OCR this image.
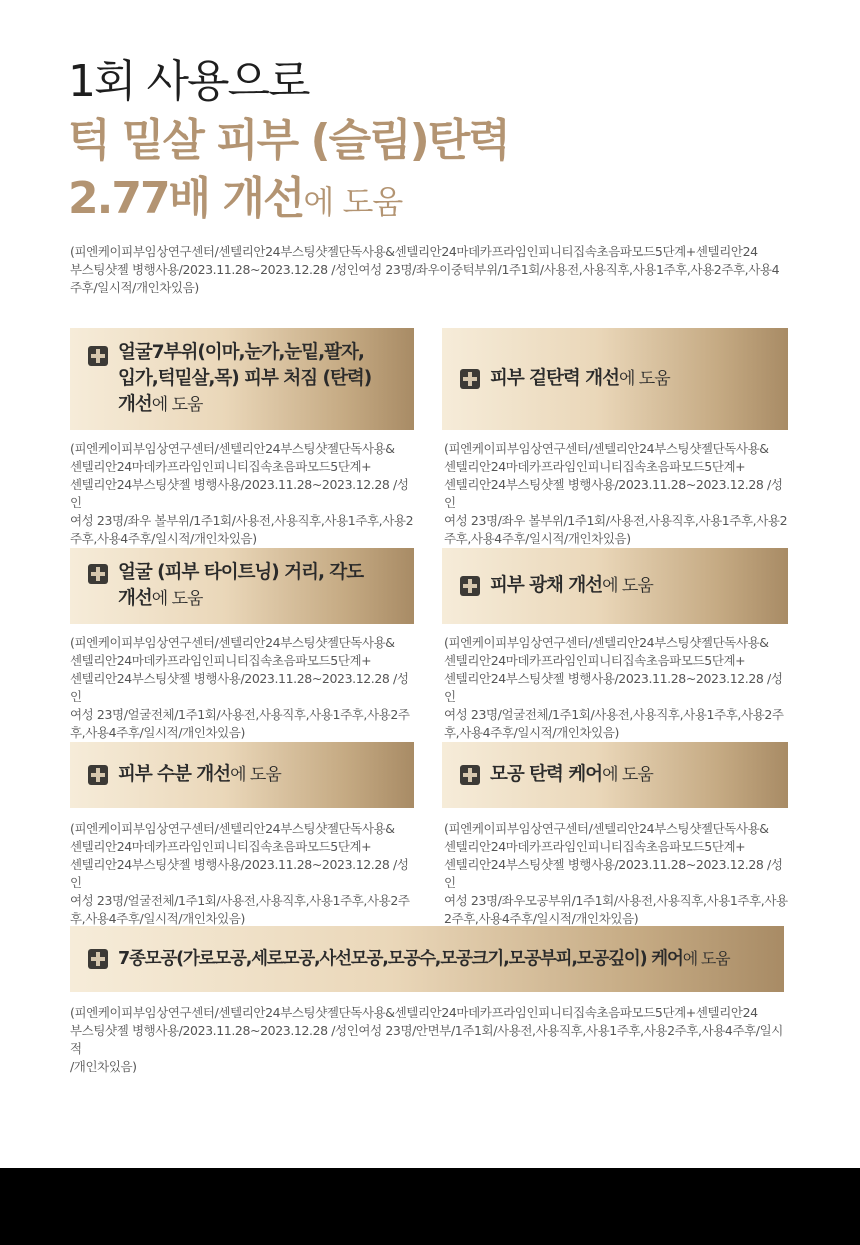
1회 사용으로
턱 밑살 피부 (슬림)탄력
2.77배 개선에 도움
(피엔케이피부임상연구센터/센텔리안24부스팅샷젤단독사용&센텔리안24마데카프라임인피니티집속초음파모드5단계+센텔리안24
부스팅샷젤 병행사용/2023.11.28~2023.12.28 /성인여성 23명/좌우이중턱부위/1주1회/사용전,사용직후,사용1주후,사용2주후,사용4
주후/일시적/개인차있음)
얼굴7부위(이마,눈가,눈밑,팔자,
입가,턱밑살,목) 피부 처짐 (탄력)
개선에 도움
(피엔케이피부임상연구센터/센텔리안24부스팅샷젤단독사용&
센텔리안24마데카프라임인피니티집속초음파모드5단계+
센텔리안24부스팅샷젤 병행사용/2023.11.28~2023.12.28 /성인
여성 23명/좌우 볼부위/1주1회/사용전,사용직후,사용1주후,사용2
주후,사용4주후/일시적/개인차있음)
피부 겉탄력 개선에 도움
(피엔케이피부임상연구센터/센텔리안24부스팅샷젤단독사용&
센텔리안24마데카프라임인피니티집속초음파모드5단계+
센텔리안24부스팅샷젤 병행사용/2023.11.28~2023.12.28 /성인
여성 23명/좌우 볼부위/1주1회/사용전,사용직후,사용1주후,사용2
주후,사용4주후/일시적/개인차있음)
얼굴 (피부 타이트닝) 거리, 각도
개선에 도움
(피엔케이피부임상연구센터/센텔리안24부스팅샷젤단독사용&
센텔리안24마데카프라임인피니티집속초음파모드5단계+
센텔리안24부스팅샷젤 병행사용/2023.11.28~2023.12.28 /성인
여성 23명/얼굴전체/1주1회/사용전,사용직후,사용1주후,사용2주
후,사용4주후/일시적/개인차있음)
피부 광채 개선에 도움
(피엔케이피부임상연구센터/센텔리안24부스팅샷젤단독사용&
센텔리안24마데카프라임인피니티집속초음파모드5단계+
센텔리안24부스팅샷젤 병행사용/2023.11.28~2023.12.28 /성인
여성 23명/얼굴전체/1주1회/사용전,사용직후,사용1주후,사용2주
후,사용4주후/일시적/개인차있음)
피부 수분 개선에 도움
(피엔케이피부임상연구센터/센텔리안24부스팅샷젤단독사용&
센텔리안24마데카프라임인피니티집속초음파모드5단계+
센텔리안24부스팅샷젤 병행사용/2023.11.28~2023.12.28 /성인
여성 23명/얼굴전체/1주1회/사용전,사용직후,사용1주후,사용2주
후,사용4주후/일시적/개인차있음)
모공 탄력 케어에 도움
(피엔케이피부임상연구센터/센텔리안24부스팅샷젤단독사용&
센텔리안24마데카프라임인피니티집속초음파모드5단계+
센텔리안24부스팅샷젤 병행사용/2023.11.28~2023.12.28 /성인
여성 23명/좌우모공부위/1주1회/사용전,사용직후,사용1주후,사용
2주후,사용4주후/일시적/개인차있음)
7종모공(가로모공,세로모공,사선모공,모공수,모공크기,모공부피,모공깊이) 케어에 도움
(피엔케이피부임상연구센터/센텔리안24부스팅샷젤단독사용&센텔리안24마데카프라임인피니티집속초음파모드5단계+센텔리안24
부스팅샷젤 병행사용/2023.11.28~2023.12.28 /성인여성 23명/안면부/1주1회/사용전,사용직후,사용1주후,사용2주후,사용4주후/일시적
/개인차있음)
